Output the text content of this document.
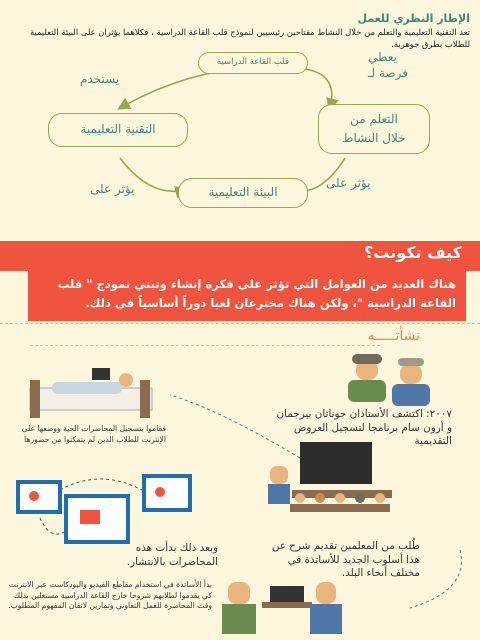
الإطار النظري للعمل
تعد التقنية التعليمية والتعلم من خلال النشاط مفتاحين رئيسيين لنموذج قلب القاعة الدراسية ، فكلاهما يؤثران على البيئة التعليمية للطلاب بطرق جوهرية.
قلب القاعة الدراسية
التقنية التعليمية
التعلم من
خلال النشاط
البيئة التعليمية
يستخدم
يعطي
فرصة لـ
يؤثر على	يؤثر على
كيف تكونت؟
هناك العديد من العوامل التي تؤثر على فكرة إنشاء وتبني نموذج " قلب القاعة الدراسية "، ولكن هناك مخترعان لعبا دوراً أساسياً في ذلك.
نشأتـــــه
٢٠٠٧: اكتشف الأستاذان جوناثان بيرجمان
و أرون سام برنامجا لتسجيل العروض
التقديمية
فقاموا بتسجيل المحاضرات الحية ووضعها على الإنترنت للطلاب الذين لم يتمكنوا من حضورها
وبعد ذلك بدأت هذه
المحاضرات بالانتشار.
طُلب من المعلمين تقديم شرح عن
هذا أسلوب الجديد للأساتذة في
مختلف أنحاء البلد.
بدأ الأساتذة في استخدام مقاطع الفيديو والبودكاست عبر الانترنت كي يقدموا لطلابهم شروحا خارج القاعة الدراسية مستغلين بذلك وقت المحاضرة للعمل التعاوني وتمارين لاتقان المفهوم المطلوب.
